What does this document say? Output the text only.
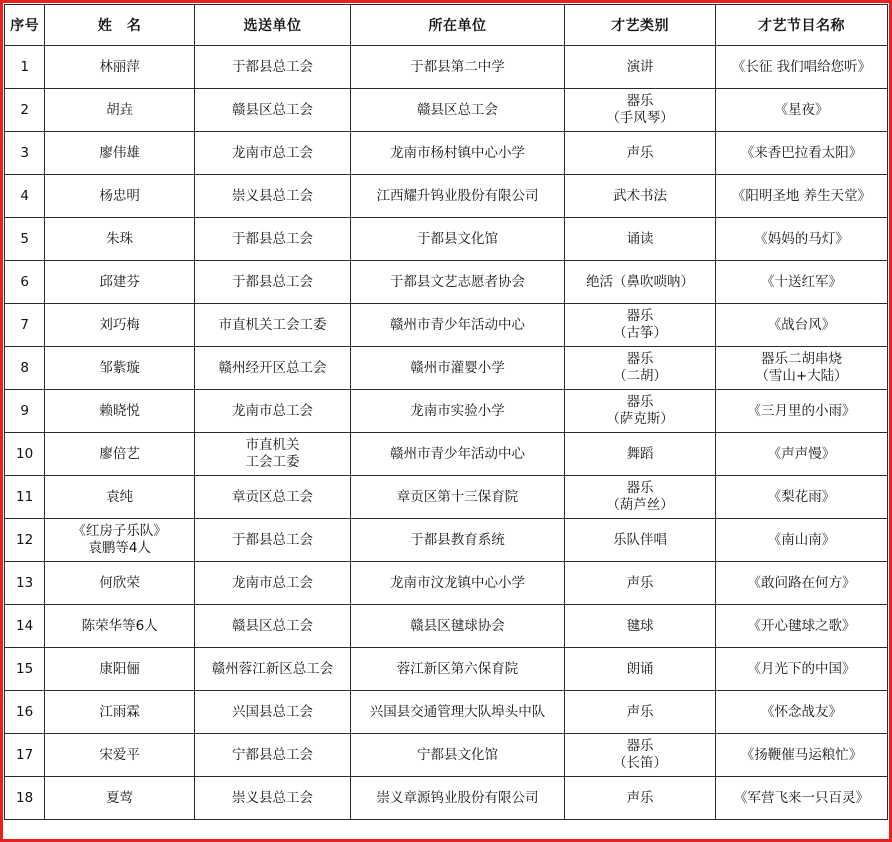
序号	姓　名	选送单位	所在单位	才艺类别	才艺节目名称
1	林丽萍	于都县总工会	于都县第二中学	演讲	《长征 我们唱给您听》

2	胡垚	赣县区总工会	赣县区总工会	器乐
（手风琴）	《星夜》

3	廖伟雄	龙南市总工会	龙南市杨村镇中心小学	声乐	《来香巴拉看太阳》

4	杨忠明	崇义县总工会	江西耀升钨业股份有限公司	武术书法	《阳明圣地 养生天堂》

5	朱珠	于都县总工会	于都县文化馆	诵读	《妈妈的马灯》

6	邱建芬	于都县总工会	于都县文艺志愿者协会	绝活（鼻吹唢呐）	《十送红军》

7	刘巧梅	市直机关工会工委	赣州市青少年活动中心	器乐
（古筝）	《战台风》

8	邹紫璇	赣州经开区总工会	赣州市灌婴小学	器乐
（二胡）	器乐二胡串烧
（雪山+大陆）

9	赖晓悦	龙南市总工会	龙南市实验小学	器乐
（萨克斯）	《三月里的小雨》

10	廖倍艺	市直机关
工会工委	赣州市青少年活动中心	舞蹈	《声声慢》

11	袁纯	章贡区总工会	章贡区第十三保育院	器乐
（葫芦丝）	《梨花雨》

12	《红房子乐队》
袁鹏等4人	于都县总工会	于都县教育系统	乐队伴唱	《南山南》

13	何欣荣	龙南市总工会	龙南市汶龙镇中心小学	声乐	《敢问路在何方》

14	陈荣华等6人	赣县区总工会	赣县区毽球协会	毽球	《开心毽球之歌》

15	康阳俪	赣州蓉江新区总工会	蓉江新区第六保育院	朗诵	《月光下的中国》

16	江雨霖	兴国县总工会	兴国县交通管理大队埠头中队	声乐	《怀念战友》

17	宋爱平	宁都县总工会	宁都县文化馆	器乐
（长笛）	《扬鞭催马运粮忙》

18	夏莺	崇义县总工会	崇义章源钨业股份有限公司	声乐	《军营飞来一只百灵》
